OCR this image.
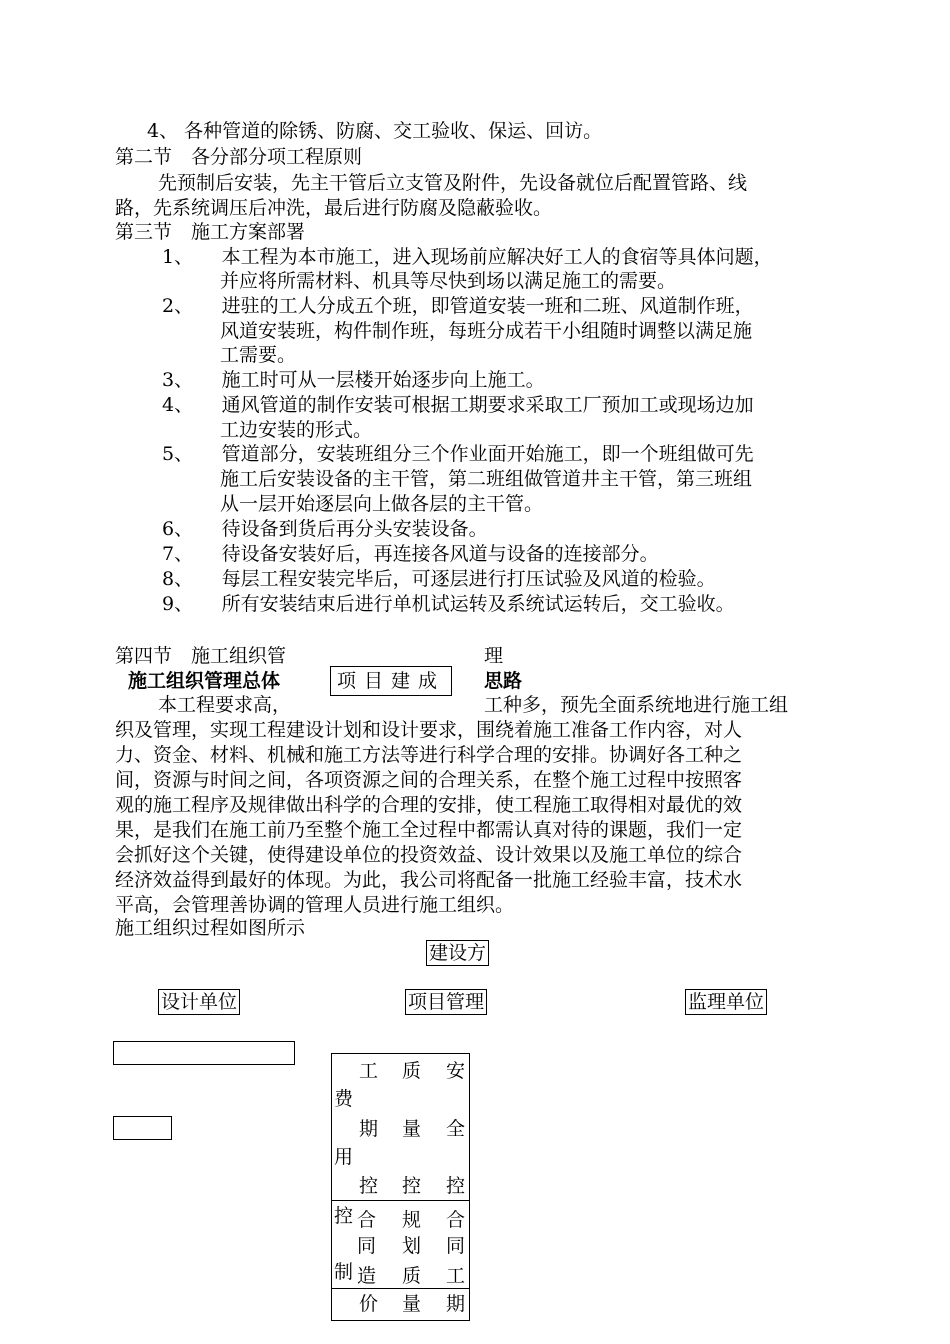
4、 各种管道的除锈、防腐、交工验收、保运、回访。
第二节　各分部分项工程原则
先预制后安装，先主干管后立支管及附件，先设备就位后配置管路、线
路，先系统调压后冲洗，最后进行防腐及隐蔽验收。
第三节　施工方案部署
1、　　本工程为本市施工，进入现场前应解决好工人的食宿等具体问题，
并应将所需材料、机具等尽快到场以满足施工的需要。
2、　　进驻的工人分成五个班，即管道安装一班和二班、风道制作班，
风道安装班，构件制作班，每班分成若干小组随时调整以满足施
工需要。
3、　　施工时可从一层楼开始逐步向上施工。
4、　　通风管道的制作安装可根据工期要求采取工厂预加工或现场边加
工边安装的形式。
5、　　管道部分，安装班组分三个作业面开始施工，即一个班组做可先
施工后安装设备的主干管，第二班组做管道井主干管，第三班组
从一层开始逐层向上做各层的主干管。
6、　　待设备到货后再分头安装设备。
7、　　待设备安装好后，再连接各风道与设备的连接部分。
8、　　每层工程安装完毕后，可逐层进行打压试验及风道的检验。
9、　　所有安装结束后进行单机试运转及系统试运转后，交工验收。
第四节　施工组织管	理
施工组织管理总体	思路
项目建成
本工程要求高，	工种多，预先全面系统地进行施工组
织及管理，实现工程建设计划和设计要求，围绕着施工准备工作内容，对人
力、资金、材料、机械和施工方法等进行科学合理的安排。协调好各工种之
间，资源与时间之间，各项资源之间的合理关系，在整个施工过程中按照客
观的施工程序及规律做出科学的合理的安排，使工程施工取得相对最优的效
果，是我们在施工前乃至整个施工全过程中都需认真对待的课题，我们一定
会抓好这个关键，使得建设单位的投资效益、设计效果以及施工单位的综合
经济效益得到最好的体现。为此，我公司将配备一批施工经验丰富，技术水
平高，会管理善协调的管理人员进行施工组织。
施工组织过程如图所示
建设方
设计单位	项目管理	监理单位
工 质 安
费
期 量 全
用
控 控 控
控 合 规 合
同 划 同
制 造 质 工
价 量 期
